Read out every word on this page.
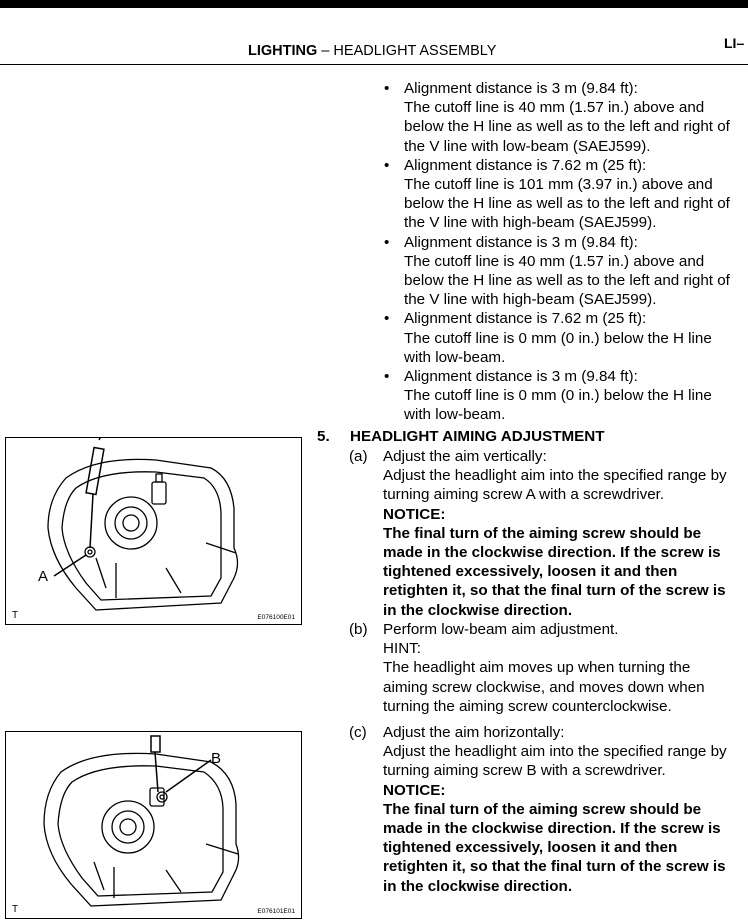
LIGHTING – HEADLIGHT ASSEMBLY	LI–
• Alignment distance is 3 m (9.84 ft):
The cutoff line is 40 mm (1.57 in.) above and
below the H line as well as to the left and right of
the V line with low-beam (SAEJ599).
• Alignment distance is 7.62 m (25 ft):
The cutoff line is 101 mm (3.97 in.) above and
below the H line as well as to the left and right of
the V line with high-beam (SAEJ599).
• Alignment distance is 3 m (9.84 ft):
The cutoff line is 40 mm (1.57 in.) above and
below the H line as well as to the left and right of
the V line with high-beam (SAEJ599).
• Alignment distance is 7.62 m (25 ft):
The cutoff line is 0 mm (0 in.) below the H line
with low-beam.
• Alignment distance is 3 m (9.84 ft):
The cutoff line is 0 mm (0 in.) below the H line
with low-beam.
5. HEADLIGHT AIMING ADJUSTMENT
(a) Adjust the aim vertically:
Adjust the headlight aim into the specified range by
turning aiming screw A with a screwdriver.
NOTICE:
The final turn of the aiming screw should be
made in the clockwise direction. If the screw is
tightened excessively, loosen it and then
retighten it, so that the final turn of the screw is
in the clockwise direction.
(b) Perform low-beam aim adjustment.
HINT:
The headlight aim moves up when turning the
aiming screw clockwise, and moves down when
turning the aiming screw counterclockwise.
(c) Adjust the aim horizontally:
Adjust the headlight aim into the specified range by
turning aiming screw B with a screwdriver.
NOTICE:
The final turn of the aiming screw should be
made in the clockwise direction. If the screw is
tightened excessively, loosen it and then
retighten it, so that the final turn of the screw is
in the clockwise direction.
A
T	E076100E01
B
T	E076101E01
